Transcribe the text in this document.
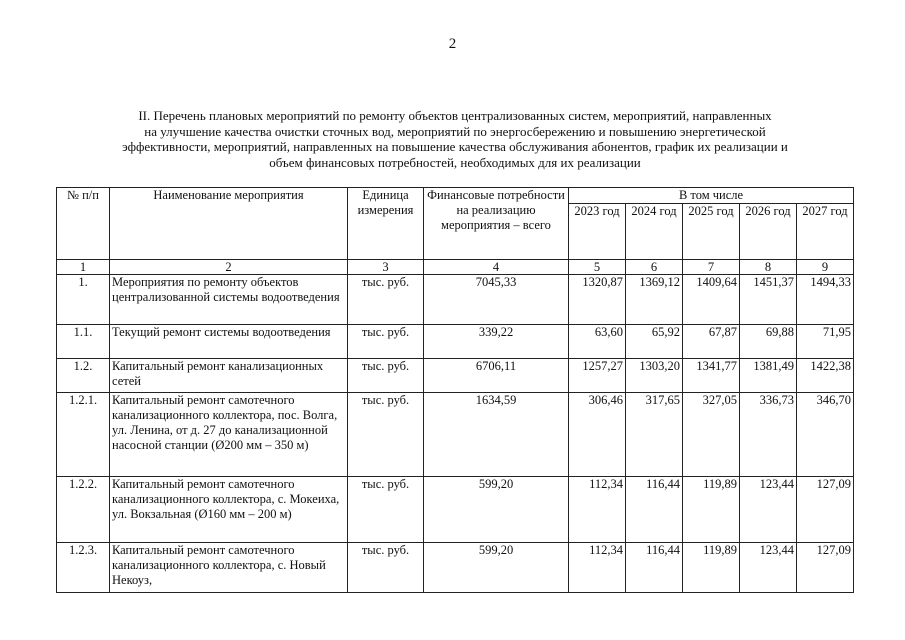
2
II. Перечень плановых мероприятий по ремонту объектов централизованных систем, мероприятий, направленных
на улучшение качества очистки сточных вод, мероприятий по энергосбережению и повышению энергетической
эффективности, мероприятий, направленных на повышение качества обслуживания абонентов, график их реализации и
объем финансовых потребностей, необходимых для их реализации
№ п/п	Наименование мероприятия	Единица измерения	Финансовые потребности на реализацию мероприятия – всего	В том числе				
				2023 год	2024 год	2025 год	2026 год	2027 год
1	2	3	4	5	6	7	8	9
1.	Мероприятия по ремонту объектов централизованной системы водоотведения	тыс. руб.	7045,33	1320,87	1369,12	1409,64	1451,37	1494,33
1.1.	Текущий ремонт системы водоотведения	тыс. руб.	339,22	63,60	65,92	67,87	69,88	71,95
1.2.	Капитальный ремонт канализационных сетей	тыс. руб.	6706,11	1257,27	1303,20	1341,77	1381,49	1422,38
1.2.1.	Капитальный ремонт самотечного канализационного коллектора, пос. Волга, ул. Ленина, от д. 27 до канализационной насосной станции (Ø200 мм – 350 м)	тыс. руб.	1634,59	306,46	317,65	327,05	336,73	346,70
1.2.2.	Капитальный ремонт самотечного канализационного коллектора, с. Мокеиха, ул. Вокзальная (Ø160 мм – 200 м)	тыс. руб.	599,20	112,34	116,44	119,89	123,44	127,09
1.2.3.	Капитальный ремонт самотечного канализационного коллектора, с. Новый Некоуз,	тыс. руб.	599,20	112,34	116,44	119,89	123,44	127,09
